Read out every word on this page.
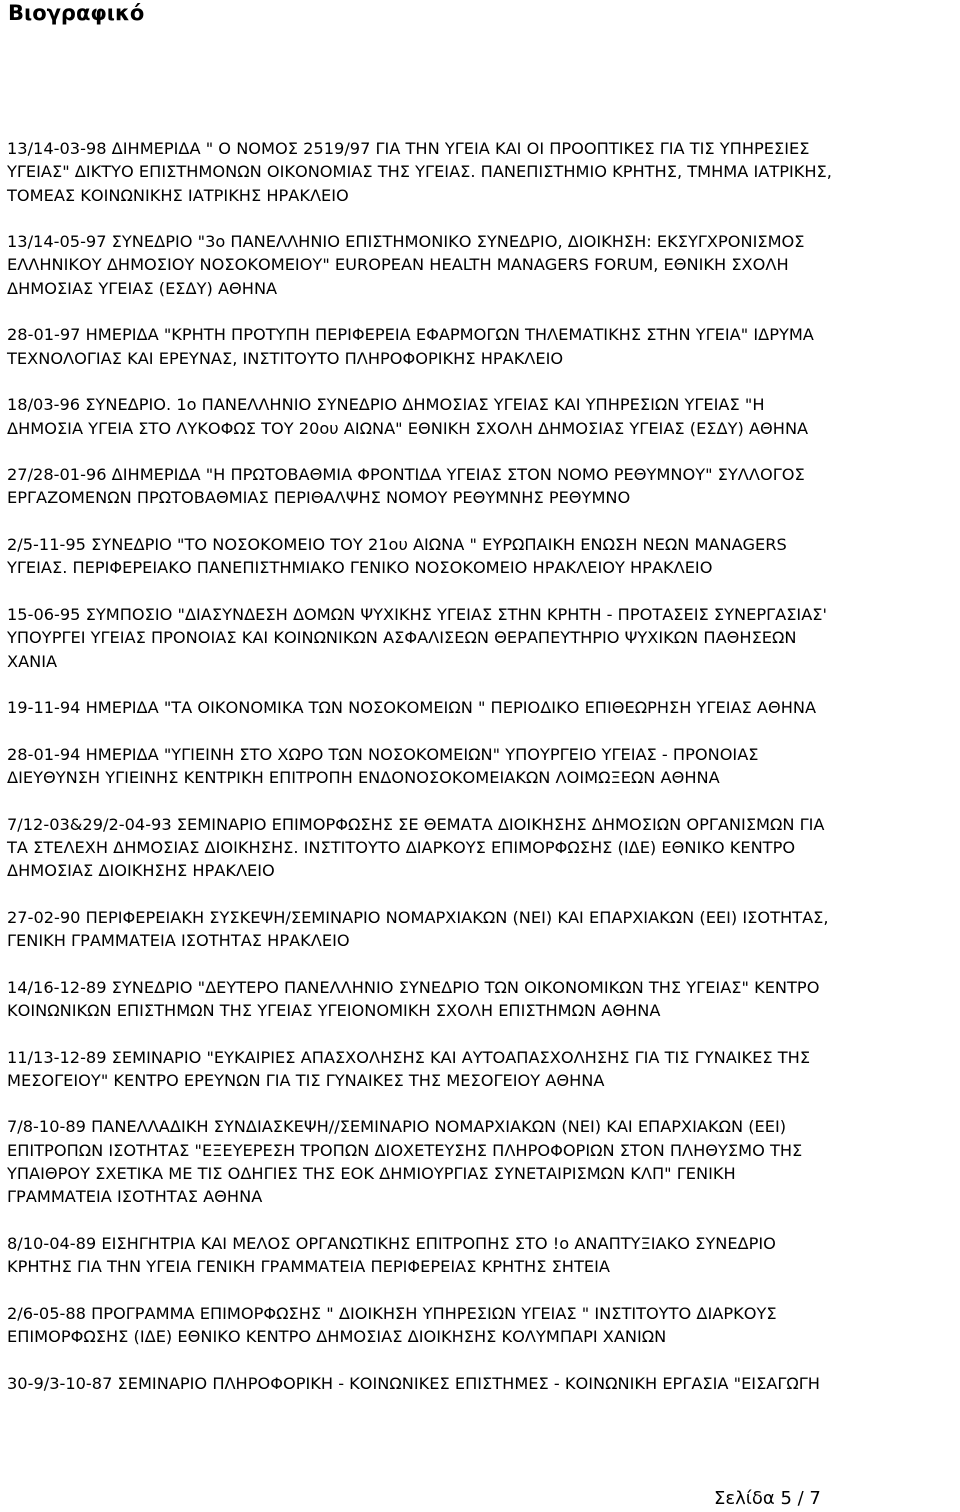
Βιογραφικό

13/14-03-98 ΔΙΗΜΕΡΙΔΑ " Ο ΝΟΜΟΣ 2519/97 ΓΙΑ ΤΗΝ ΥΓΕΙΑ ΚΑΙ ΟΙ ΠΡΟΟΠΤΙΚΕΣ ΓΙΑ ΤΙΣ ΥΠΗΡΕΣΙΕΣ
ΥΓΕΙΑΣ" ΔΙΚΤΥΟ ΕΠΙΣΤΗΜΟΝΩΝ ΟΙΚΟΝΟΜΙΑΣ ΤΗΣ ΥΓΕΙΑΣ. ΠΑΝΕΠΙΣΤΗΜΙΟ ΚΡΗΤΗΣ, ΤΜΗΜΑ ΙΑΤΡΙΚΗΣ,
ΤΟΜΕΑΣ ΚΟΙΝΩΝΙΚΗΣ ΙΑΤΡΙΚΗΣ ΗΡΑΚΛΕΙΟ

13/14-05-97 ΣΥΝΕΔΡΙΟ "3ο ΠΑΝΕΛΛΗΝΙΟ ΕΠΙΣΤΗΜΟΝΙΚΟ ΣΥΝΕΔΡΙΟ, ΔΙΟΙΚΗΣΗ: ΕΚΣΥΓΧΡΟΝΙΣΜΟΣ
ΕΛΛΗΝΙΚΟΥ ΔΗΜΟΣΙΟΥ ΝΟΣΟΚΟΜΕΙΟΥ" EUROPEAN HEALTH MANAGERS FORUM, ΕΘΝΙΚΗ ΣΧΟΛΗ
ΔΗΜΟΣΙΑΣ ΥΓΕΙΑΣ (ΕΣΔΥ) ΑΘΗΝΑ

28-01-97 ΗΜΕΡΙΔΑ "ΚΡΗΤΗ ΠΡΟΤΥΠΗ ΠΕΡΙΦΕΡΕΙΑ ΕΦΑΡΜΟΓΩΝ ΤΗΛΕΜΑΤΙΚΗΣ ΣΤΗΝ ΥΓΕΙΑ" ΙΔΡΥΜΑ
ΤΕΧΝΟΛΟΓΙΑΣ ΚΑΙ ΕΡΕΥΝΑΣ, ΙΝΣΤΙΤΟΥΤΟ ΠΛΗΡΟΦΟΡΙΚΗΣ ΗΡΑΚΛΕΙΟ

18/03-96 ΣΥΝΕΔΡΙΟ. 1ο ΠΑΝΕΛΛΗΝΙΟ ΣΥΝΕΔΡΙΟ ΔΗΜΟΣΙΑΣ ΥΓΕΙΑΣ ΚΑΙ ΥΠΗΡΕΣΙΩΝ ΥΓΕΙΑΣ "Η
ΔΗΜΟΣΙΑ ΥΓΕΙΑ ΣΤΟ ΛΥΚΟΦΩΣ ΤΟΥ 20ου ΑΙΩΝΑ" ΕΘΝΙΚΗ ΣΧΟΛΗ ΔΗΜΟΣΙΑΣ ΥΓΕΙΑΣ (ΕΣΔΥ) ΑΘΗΝΑ

27/28-01-96 ΔΙΗΜΕΡΙΔΑ "Η ΠΡΩΤΟΒΑΘΜΙΑ ΦΡΟΝΤΙΔΑ ΥΓΕΙΑΣ ΣΤΟΝ ΝΟΜΟ ΡΕΘΥΜΝΟΥ" ΣΥΛΛΟΓΟΣ
ΕΡΓΑΖΟΜΕΝΩΝ ΠΡΩΤΟΒΑΘΜΙΑΣ ΠΕΡΙΘΑΛΨΗΣ ΝΟΜΟΥ ΡΕΘΥΜΝΗΣ ΡΕΘΥΜΝΟ

2/5-11-95 ΣΥΝΕΔΡΙΟ "ΤΟ ΝΟΣΟΚΟΜΕΙΟ ΤΟΥ 21ου ΑΙΩΝΑ " ΕΥΡΩΠΑΙΚΗ ΕΝΩΣΗ ΝΕΩΝ MANAGERS
ΥΓΕΙΑΣ. ΠΕΡΙΦΕΡΕΙΑΚΟ ΠΑΝΕΠΙΣΤΗΜΙΑΚΟ ΓΕΝΙΚΟ ΝΟΣΟΚΟΜΕΙΟ ΗΡΑΚΛΕΙΟΥ ΗΡΑΚΛΕΙΟ

15-06-95 ΣΥΜΠΟΣΙΟ "ΔΙΑΣΥΝΔΕΣΗ ΔΟΜΩΝ ΨΥΧΙΚΗΣ ΥΓΕΙΑΣ ΣΤΗΝ ΚΡΗΤΗ - ΠΡΟΤΑΣΕΙΣ ΣΥΝΕΡΓΑΣΙΑΣ'
ΥΠΟΥΡΓΕΙ ΥΓΕΙΑΣ ΠΡΟΝΟΙΑΣ ΚΑΙ ΚΟΙΝΩΝΙΚΩΝ ΑΣΦΑΛΙΣΕΩΝ ΘΕΡΑΠΕΥΤΗΡΙΟ ΨΥΧΙΚΩΝ ΠΑΘΗΣΕΩΝ
ΧΑΝΙΑ

19-11-94 ΗΜΕΡΙΔΑ "ΤΑ ΟΙΚΟΝΟΜΙΚΑ ΤΩΝ ΝΟΣΟΚΟΜΕΙΩΝ " ΠΕΡΙΟΔΙΚΟ ΕΠΙΘΕΩΡΗΣΗ ΥΓΕΙΑΣ ΑΘΗΝΑ

28-01-94 ΗΜΕΡΙΔΑ "ΥΓΙΕΙΝΗ ΣΤΟ ΧΩΡΟ ΤΩΝ ΝΟΣΟΚΟΜΕΙΩΝ" ΥΠΟΥΡΓΕΙΟ ΥΓΕΙΑΣ - ΠΡΟΝΟΙΑΣ
ΔΙΕΥΘΥΝΣΗ ΥΓΙΕΙΝΗΣ ΚΕΝΤΡΙΚΗ ΕΠΙΤΡΟΠΗ ΕΝΔΟΝΟΣΟΚΟΜΕΙΑΚΩΝ ΛΟΙΜΩΞΕΩΝ ΑΘΗΝΑ

7/12-03&29/2-04-93 ΣΕΜΙΝΑΡΙΟ ΕΠΙΜΟΡΦΩΣΗΣ ΣΕ ΘΕΜΑΤΑ ΔΙΟΙΚΗΣΗΣ ΔΗΜΟΣΙΩΝ ΟΡΓΑΝΙΣΜΩΝ ΓΙΑ
ΤΑ ΣΤΕΛΕΧΗ ΔΗΜΟΣΙΑΣ ΔΙΟΙΚΗΣΗΣ. ΙΝΣΤΙΤΟΥΤΟ ΔΙΑΡΚΟΥΣ ΕΠΙΜΟΡΦΩΣΗΣ (ΙΔΕ) ΕΘΝΙΚΟ ΚΕΝΤΡΟ
ΔΗΜΟΣΙΑΣ ΔΙΟΙΚΗΣΗΣ ΗΡΑΚΛΕΙΟ

27-02-90 ΠΕΡΙΦΕΡΕΙΑΚΗ ΣΥΣΚΕΨΗ/ΣΕΜΙΝΑΡΙΟ ΝΟΜΑΡΧΙΑΚΩΝ (ΝΕΙ) ΚΑΙ ΕΠΑΡΧΙΑΚΩΝ (ΕΕΙ) ΙΣΟΤΗΤΑΣ,
ΓΕΝΙΚΗ ΓΡΑΜΜΑΤΕΙΑ ΙΣΟΤΗΤΑΣ ΗΡΑΚΛΕΙΟ

14/16-12-89 ΣΥΝΕΔΡΙΟ "ΔΕΥΤΕΡΟ ΠΑΝΕΛΛΗΝΙΟ ΣΥΝΕΔΡΙΟ ΤΩΝ ΟΙΚΟΝΟΜΙΚΩΝ ΤΗΣ ΥΓΕΙΑΣ" ΚΕΝΤΡΟ
ΚΟΙΝΩΝΙΚΩΝ ΕΠΙΣΤΗΜΩΝ ΤΗΣ ΥΓΕΙΑΣ ΥΓΕΙΟΝΟΜΙΚΗ ΣΧΟΛΗ ΕΠΙΣΤΗΜΩΝ ΑΘΗΝΑ

11/13-12-89 ΣΕΜΙΝΑΡΙΟ "ΕΥΚΑΙΡΙΕΣ ΑΠΑΣΧΟΛΗΣΗΣ ΚΑΙ ΑΥΤΟΑΠΑΣΧΟΛΗΣΗΣ ΓΙΑ ΤΙΣ ΓΥΝΑΙΚΕΣ ΤΗΣ
ΜΕΣΟΓΕΙΟΥ" ΚΕΝΤΡΟ ΕΡΕΥΝΩΝ ΓΙΑ ΤΙΣ ΓΥΝΑΙΚΕΣ ΤΗΣ ΜΕΣΟΓΕΙΟΥ ΑΘΗΝΑ

7/8-10-89 ΠΑΝΕΛΛΑΔΙΚΗ ΣΥΝΔΙΑΣΚΕΨΗ//ΣΕΜΙΝΑΡΙΟ ΝΟΜΑΡΧΙΑΚΩΝ (ΝΕΙ) ΚΑΙ ΕΠΑΡΧΙΑΚΩΝ (ΕΕΙ)
ΕΠΙΤΡΟΠΩΝ ΙΣΟΤΗΤΑΣ "ΕΞΕΥΕΡΕΣΗ ΤΡΟΠΩΝ ΔΙΟΧΕΤΕΥΣΗΣ ΠΛΗΡΟΦΟΡΙΩΝ ΣΤΟΝ ΠΛΗΘΥΣΜΟ ΤΗΣ
ΥΠΑΙΘΡΟΥ ΣΧΕΤΙΚΑ ΜΕ ΤΙΣ ΟΔΗΓΙΕΣ ΤΗΣ ΕΟΚ ΔΗΜΙΟΥΡΓΙΑΣ ΣΥΝΕΤΑΙΡΙΣΜΩΝ ΚΛΠ" ΓΕΝΙΚΗ
ΓΡΑΜΜΑΤΕΙΑ ΙΣΟΤΗΤΑΣ ΑΘΗΝΑ

8/10-04-89 ΕΙΣΗΓΗΤΡΙΑ ΚΑΙ ΜΕΛΟΣ ΟΡΓΑΝΩΤΙΚΗΣ ΕΠΙΤΡΟΠΗΣ ΣΤΟ !ο ΑΝΑΠΤΥΞΙΑΚΟ ΣΥΝΕΔΡΙΟ
ΚΡΗΤΗΣ ΓΙΑ ΤΗΝ ΥΓΕΙΑ ΓΕΝΙΚΗ ΓΡΑΜΜΑΤΕΙΑ ΠΕΡΙΦΕΡΕΙΑΣ ΚΡΗΤΗΣ ΣΗΤΕΙΑ

2/6-05-88 ΠΡΟΓΡΑΜΜΑ ΕΠΙΜΟΡΦΩΣΗΣ " ΔΙΟΙΚΗΣΗ ΥΠΗΡΕΣΙΩΝ ΥΓΕΙΑΣ " ΙΝΣΤΙΤΟΥΤΟ ΔΙΑΡΚΟΥΣ
ΕΠΙΜΟΡΦΩΣΗΣ (ΙΔΕ) ΕΘΝΙΚΟ ΚΕΝΤΡΟ ΔΗΜΟΣΙΑΣ ΔΙΟΙΚΗΣΗΣ ΚΟΛΥΜΠΑΡΙ ΧΑΝΙΩΝ

30-9/3-10-87 ΣΕΜΙΝΑΡΙΟ ΠΛΗΡΟΦΟΡΙΚΗ - ΚΟΙΝΩΝΙΚΕΣ ΕΠΙΣΤΗΜΕΣ - ΚΟΙΝΩΝΙΚΗ ΕΡΓΑΣΙΑ "ΕΙΣΑΓΩΓΗ

Σελίδα 5 / 7
